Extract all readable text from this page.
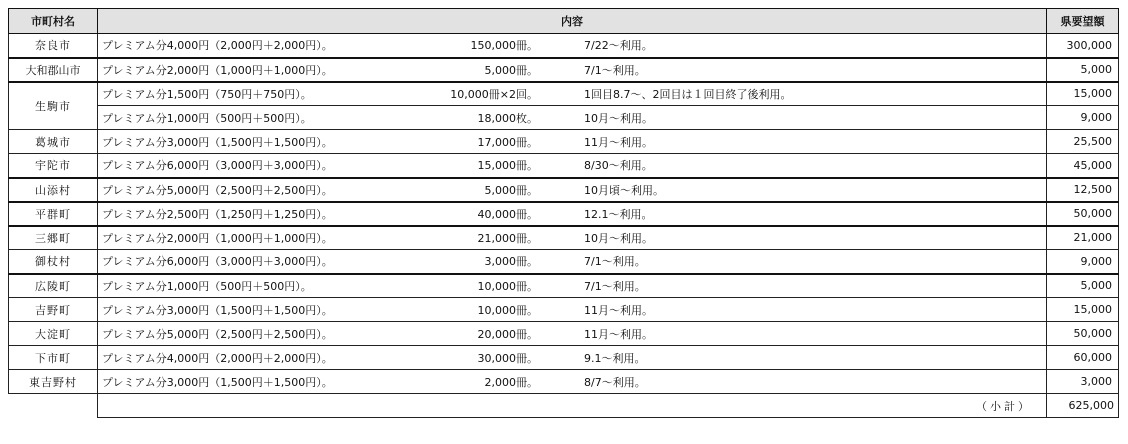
市町村名	内容	県要望額
奈良市	プレミアム分4,000円（2,000円＋2,000円）。 150,000冊。 7/22～利用。	300,000
大和郡山市	プレミアム分2,000円（1,000円＋1,000円）。 5,000冊。 7/1～利用。	5,000
生駒市	プレミアム分1,500円（750円＋750円）。 10,000冊×2回。 1回目8.7～、2回目は１回目終了後利用。	15,000

	プレミアム分1,000円（500円＋500円）。 18,000枚。 10月～利用。	9,000
葛城市	プレミアム分3,000円（1,500円＋1,500円）。 17,000冊。 11月～利用。	25,500
宇陀市	プレミアム分6,000円（3,000円＋3,000円）。 15,000冊。 8/30～利用。	45,000
山添村	プレミアム分5,000円（2,500円＋2,500円）。 5,000冊。 10月頃～利用。	12,500
平群町	プレミアム分2,500円（1,250円＋1,250円）。 40,000冊。 12.1～利用。	50,000
三郷町	プレミアム分2,000円（1,000円＋1,000円）。 21,000冊。 10月～利用。	21,000
御杖村	プレミアム分6,000円（3,000円＋3,000円）。 3,000冊。 7/1～利用。	9,000
広陵町	プレミアム分1,000円（500円＋500円）。 10,000冊。 7/1～利用。	5,000
吉野町	プレミアム分3,000円（1,500円＋1,500円）。 10,000冊。 11月～利用。	15,000
大淀町	プレミアム分5,000円（2,500円＋2,500円）。 20,000冊。 11月～利用。	50,000
下市町	プレミアム分4,000円（2,000円＋2,000円）。 30,000冊。 9.1～利用。	60,000
東吉野村	プレミアム分3,000円（1,500円＋1,500円）。 2,000冊。 8/7～利用。	3,000
	（小計）	625,000
